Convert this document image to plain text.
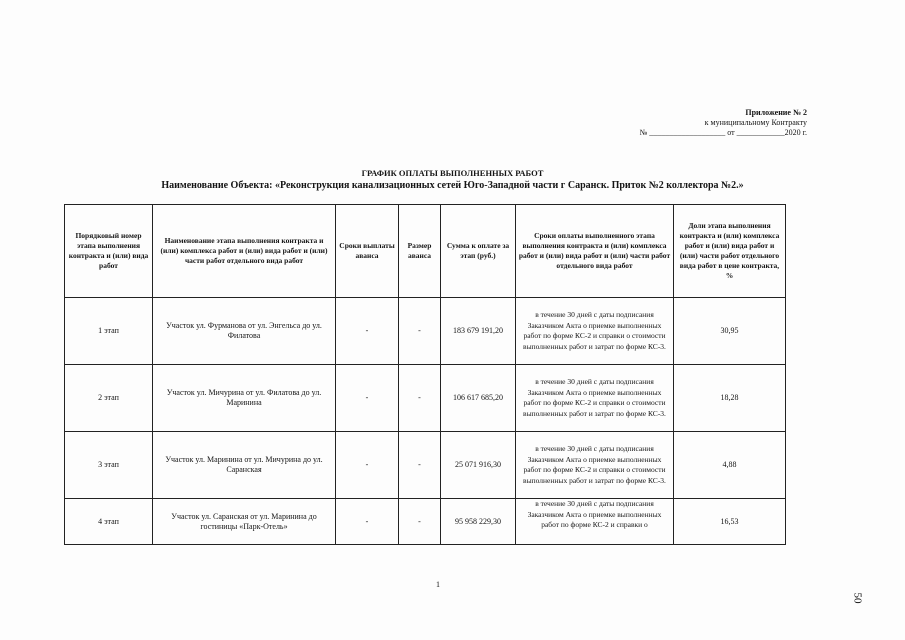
Приложение № 2
к муниципальному Контракту
№ ___________________ от ____________2020 г.
ГРАФИК ОПЛАТЫ ВЫПОЛНЕННЫХ РАБОТ
Наименование Объекта: «Реконструкция канализационных сетей Юго-Западной части г Саранск. Приток №2 коллектора №2.»
Порядковый номер этапа выполнения контракта и (или) вида работ	Наименование этапа выполнения контракта и (или) комплекса работ и (или) вида работ и (или) части работ отдельного вида работ	Сроки выплаты аванса	Размер аванса	Сумма к оплате за этап (руб.)	Сроки оплаты выполненного этапа выполнения контракта и (или) комплекса работ и (или) вида работ и (или) части работ отдельного вида работ	Доли этапа выполнения контракта и (или) комплекса работ и (или) вида работ и (или) части работ отдельного вида работ в цене контракта, %
1 этап	Участок ул. Фурманова от ул. Энгельса до ул. Филатова	-	-	183 679 191,20	в течение 30 дней с даты подписания Заказчиком Акта о приемке выполненных работ по форме КС-2 и справки о стоимости выполненных работ и затрат по форме КС-3.	30,95
2 этап	Участок ул. Мичурина от ул. Филатова до ул. Маринина	-	-	106 617 685,20	в течение 30 дней с даты подписания Заказчиком Акта о приемке выполненных работ по форме КС-2 и справки о стоимости выполненных работ и затрат по форме КС-3.	18,28
3 этап	Участок ул. Маринина от ул. Мичурина до ул. Саранская	-	-	25 071 916,30	в течение 30 дней с даты подписания Заказчиком Акта о приемке выполненных работ по форме КС-2 и справки о стоимости выполненных работ и затрат по форме КС-3.	4,88
4 этап	Участок ул. Саранская от ул. Маринина до гостиницы «Парк-Отель»	-	-	95 958 229,30	в течение 30 дней с даты подписания Заказчиком Акта о приемке выполненных работ по форме КС-2 и справки о	16,53
1
50
